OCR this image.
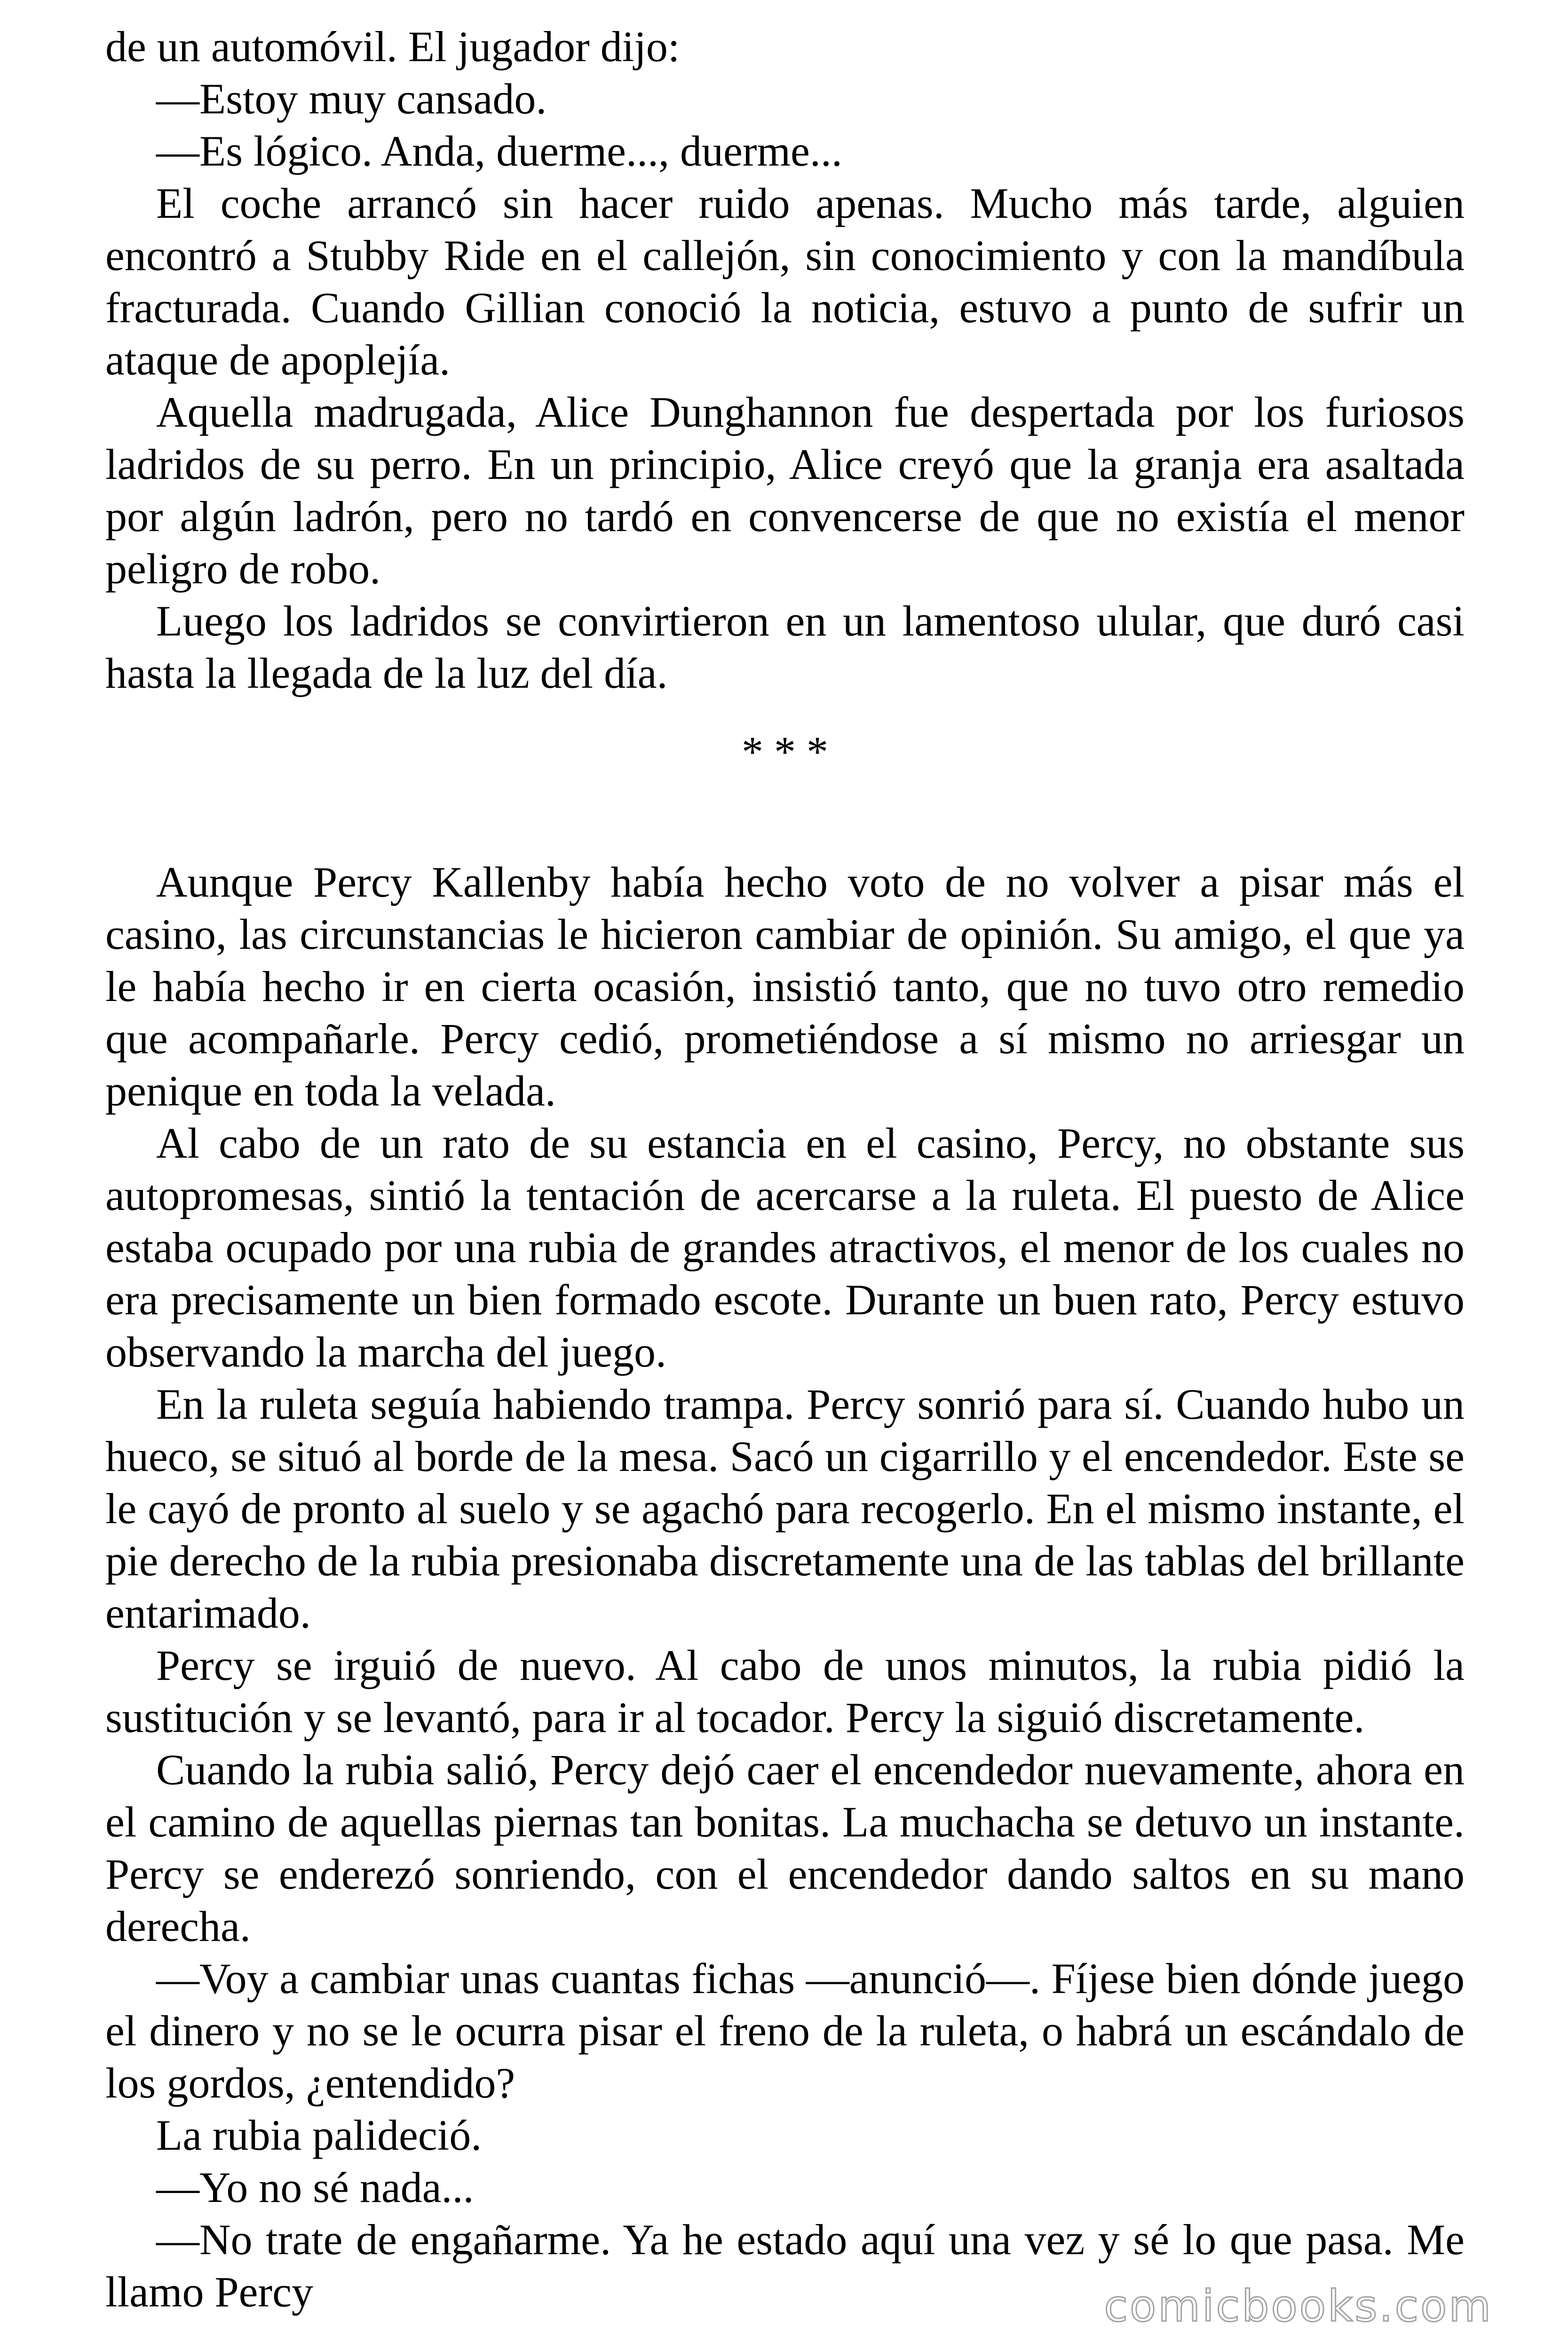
de un automóvil. El jugador dijo:

—Estoy muy cansado.

—Es lógico. Anda, duerme..., duerme...

El coche arrancó sin hacer ruido apenas. Mucho más tarde, alguien encontró a Stubby Ride en el callejón, sin conocimiento y con la mandíbula fracturada. Cuando Gillian conoció la noticia, estuvo a punto de sufrir un ataque de apoplejía.

Aquella madrugada, Alice Dunghannon fue despertada por los furiosos ladridos de su perro. En un principio, Alice creyó que la granja era asaltada por algún ladrón, pero no tardó en convencerse de que no existía el menor peligro de robo.

Luego los ladridos se convirtieron en un lamentoso ulular, que duró casi hasta la llegada de la luz del día.

* * *

Aunque Percy Kallenby había hecho voto de no volver a pisar más el casino, las circunstancias le hicieron cambiar de opinión. Su amigo, el que ya le había hecho ir en cierta ocasión, insistió tanto, que no tuvo otro remedio que acompañarle. Percy cedió, prometiéndose a sí mismo no arriesgar un penique en toda la velada.

Al cabo de un rato de su estancia en el casino, Percy, no obstante sus autopromesas, sintió la tentación de acercarse a la ruleta. El puesto de Alice estaba ocupado por una rubia de grandes atractivos, el menor de los cuales no era precisamente un bien formado escote. Durante un buen rato, Percy estuvo observando la marcha del juego.

En la ruleta seguía habiendo trampa. Percy sonrió para sí. Cuando hubo un hueco, se situó al borde de la mesa. Sacó un cigarrillo y el encendedor. Este se le cayó de pronto al suelo y se agachó para recogerlo. En el mismo instante, el pie derecho de la rubia presionaba discretamente una de las tablas del brillante entarimado.

Percy se irguió de nuevo. Al cabo de unos minutos, la rubia pidió la sustitución y se levantó, para ir al tocador. Percy la siguió discretamente.

Cuando la rubia salió, Percy dejó caer el encendedor nuevamente, ahora en el camino de aquellas piernas tan bonitas. La muchacha se detuvo un instante. Percy se enderezó sonriendo, con el encendedor dando saltos en su mano derecha.

—Voy a cambiar unas cuantas fichas —anunció—. Fíjese bien dónde juego el dinero y no se le ocurra pisar el freno de la ruleta, o habrá un escándalo de los gordos, ¿entendido?

La rubia palideció.

—Yo no sé nada...

—No trate de engañarme. Ya he estado aquí una vez y sé lo que pasa. Me llamo Percy	comicbooks.com
